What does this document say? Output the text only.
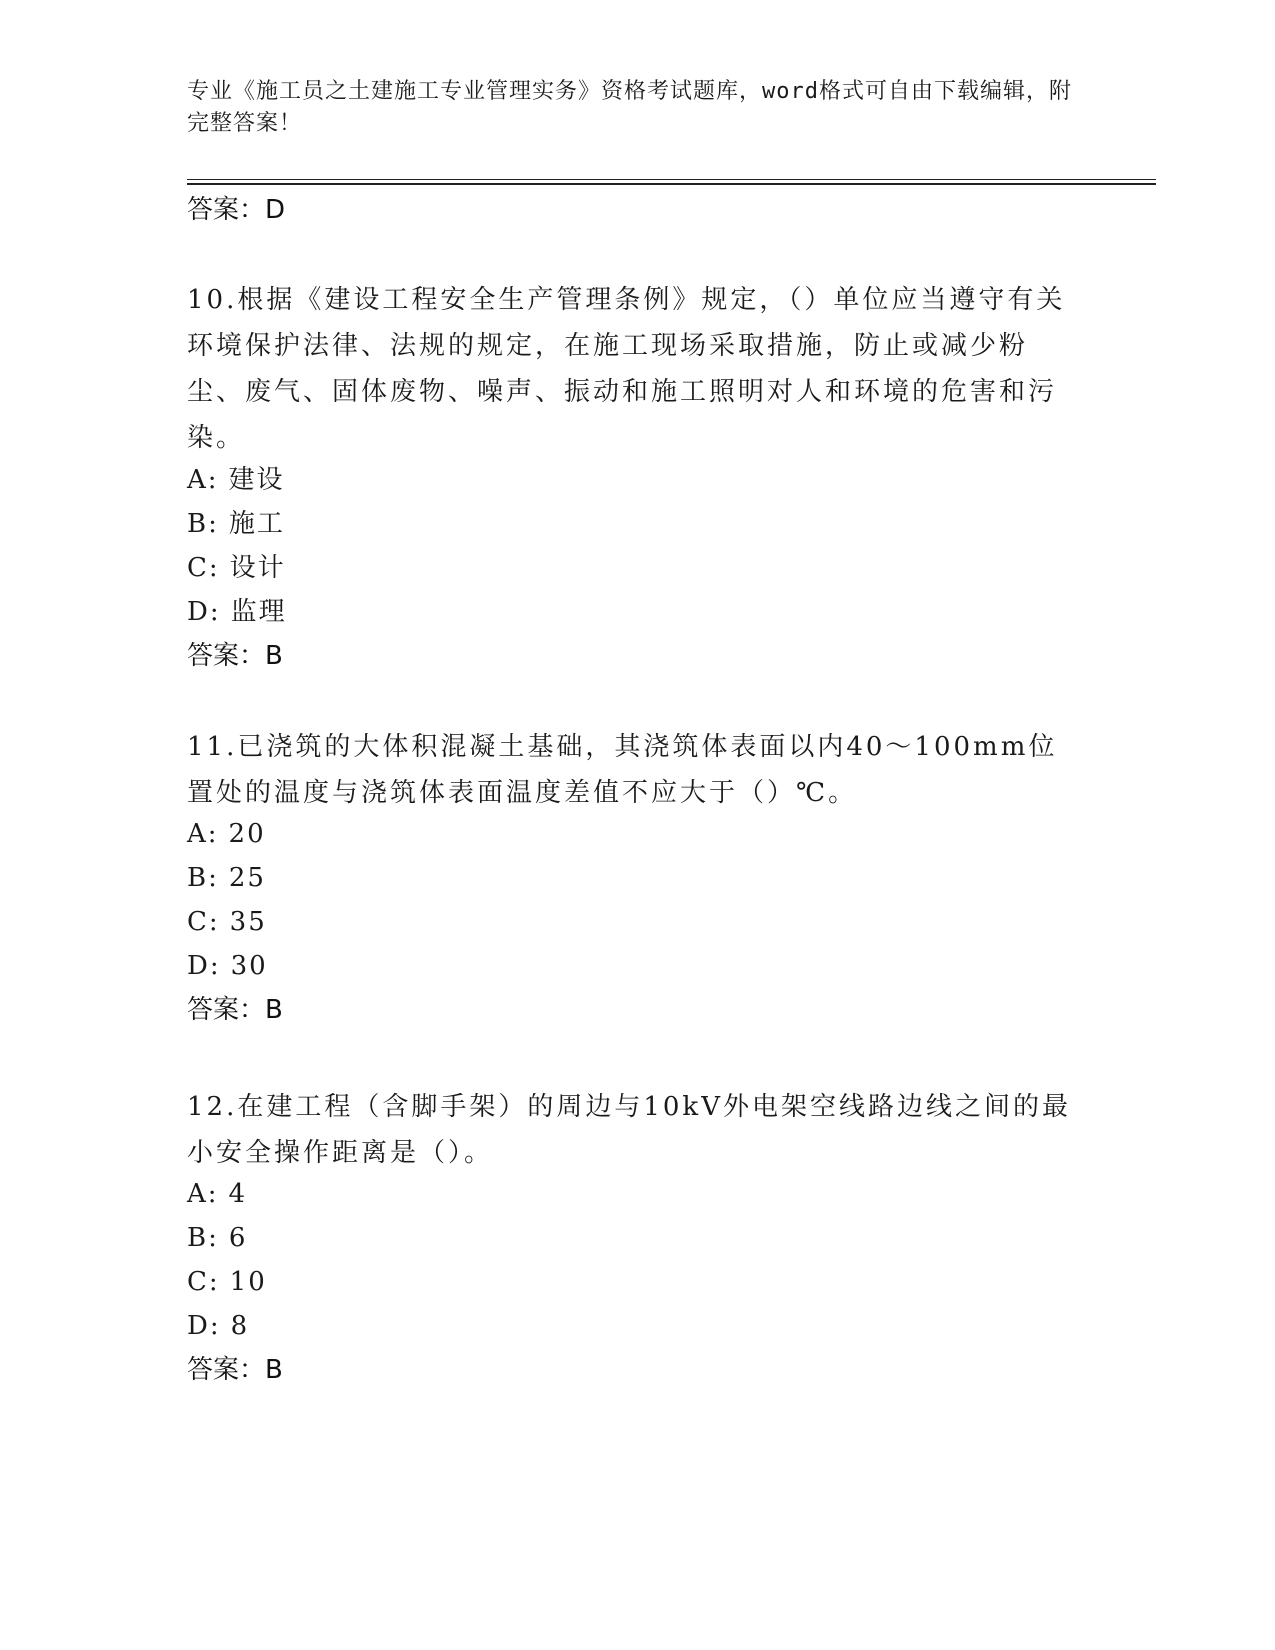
专业《施工员之土建施工专业管理实务》资格考试题库，word格式可自由下载编辑，附完整答案！
答案：D
10.根据《建设工程安全生产管理条例》规定，（）单位应当遵守有关环境保护法律、法规的规定，在施工现场采取措施，防止或减少粉尘、废气、固体废物、噪声、振动和施工照明对人和环境的危害和污染。
A: 建设
B: 施工
C: 设计
D: 监理
答案：B
11.已浇筑的大体积混凝土基础，其浇筑体表面以内40～100mm位置处的温度与浇筑体表面温度差值不应大于（）℃。
A: 20
B: 25
C: 35
D: 30
答案：B
12.在建工程（含脚手架）的周边与10kV外电架空线路边线之间的最小安全操作距离是（）。
A: 4
B: 6
C: 10
D: 8
答案：B
